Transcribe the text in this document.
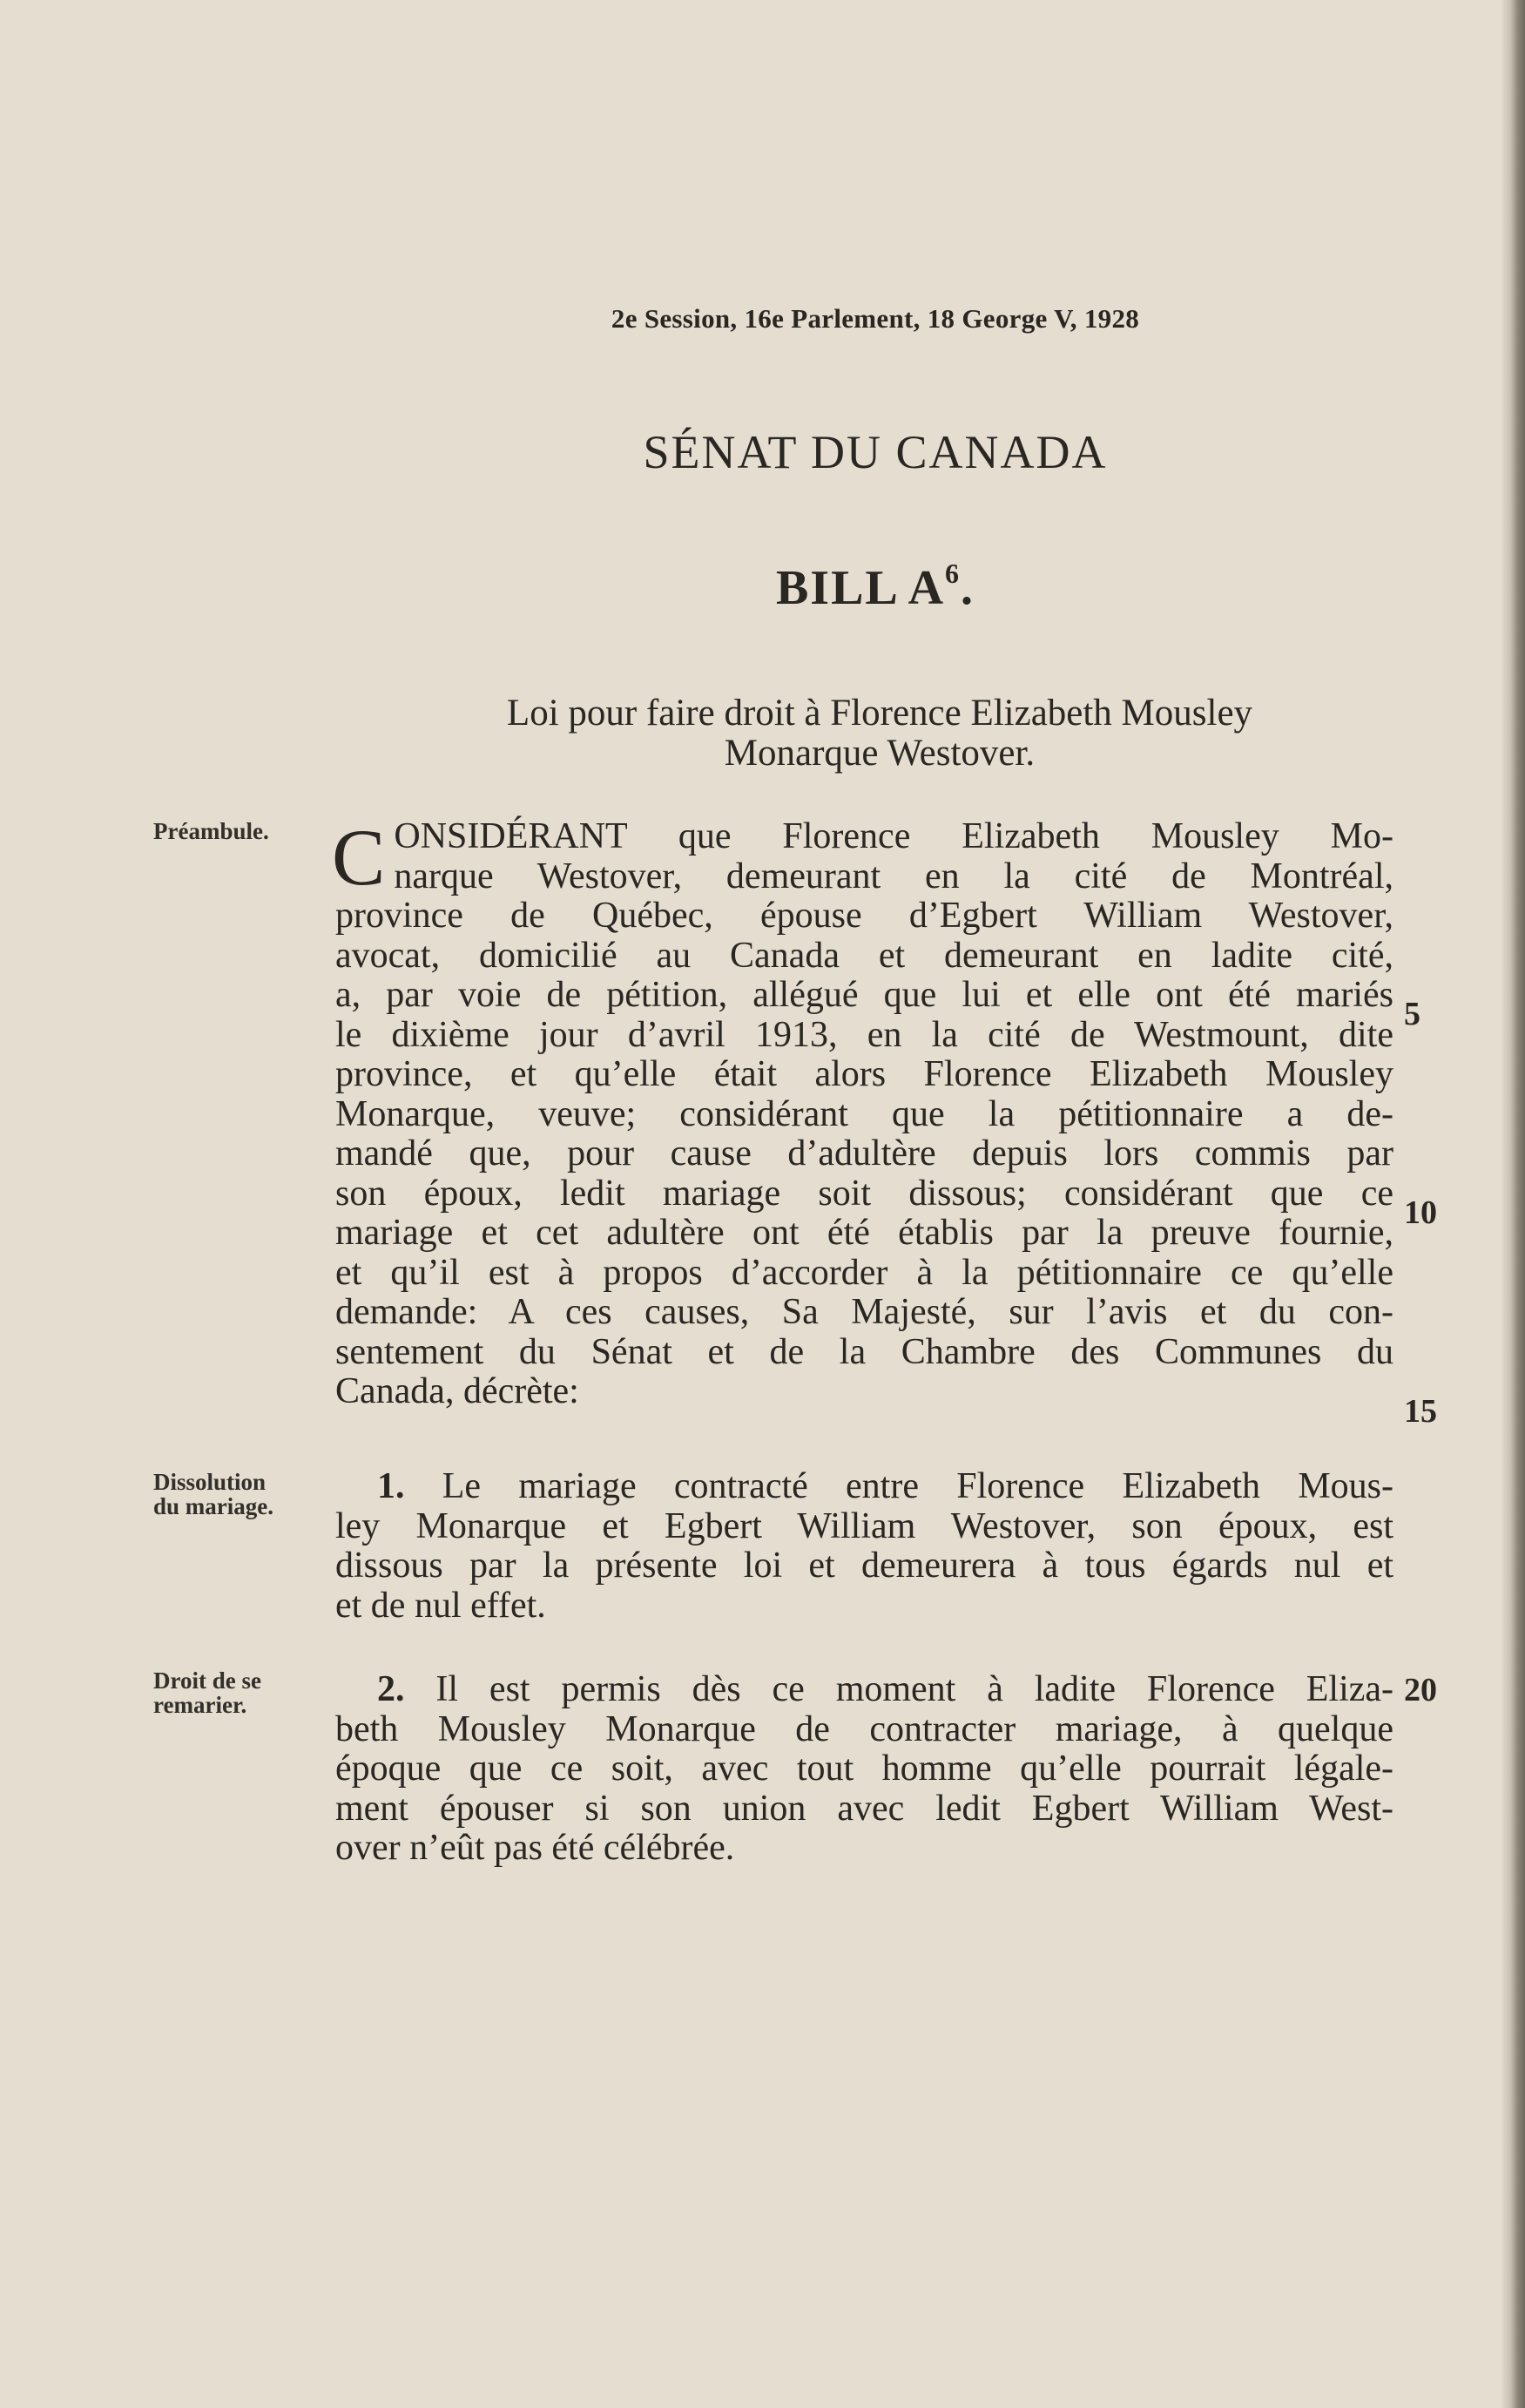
2e Session, 16e Parlement, 18 George V, 1928
SÉNAT DU CANADA
BILL $A^6$.
Loi pour faire droit à Florence Elizabeth Mousley
Monarque Westover.
Préambule.
Dissolution
du mariage.
Droit de se
remarier.
C ONSIDÉRANT que Florence Elizabeth Mousley Mo-
narque Westover, demeurant en la cité de Montréal,
province de Québec, épouse d’Egbert William Westover,
avocat, domicilié au Canada et demeurant en ladite cité,
a, par voie de pétition, allégué que lui et elle ont été mariés
le dixième jour d’avril 1913, en la cité de Westmount, dite
province, et qu’elle était alors Florence Elizabeth Mousley
Monarque, veuve; considérant que la pétitionnaire a de-
mandé que, pour cause d’adultère depuis lors commis par
son époux, ledit mariage soit dissous; considérant que ce
mariage et cet adultère ont été établis par la preuve fournie,
et qu’il est à propos d’accorder à la pétitionnaire ce qu’elle
demande: A ces causes, Sa Majesté, sur l’avis et du con-
sentement du Sénat et de la Chambre des Communes du
Canada, décrète:
1. Le mariage contracté entre Florence Elizabeth Mous-
ley Monarque et Egbert William Westover, son époux, est
dissous par la présente loi et demeurera à tous égards nul et
et de nul effet.
2. Il est permis dès ce moment à ladite Florence Eliza-
beth Mousley Monarque de contracter mariage, à quelque
époque que ce soit, avec tout homme qu’elle pourrait légale-
ment épouser si son union avec ledit Egbert William West-
over n’eût pas été célébrée.
5
10
15
20
